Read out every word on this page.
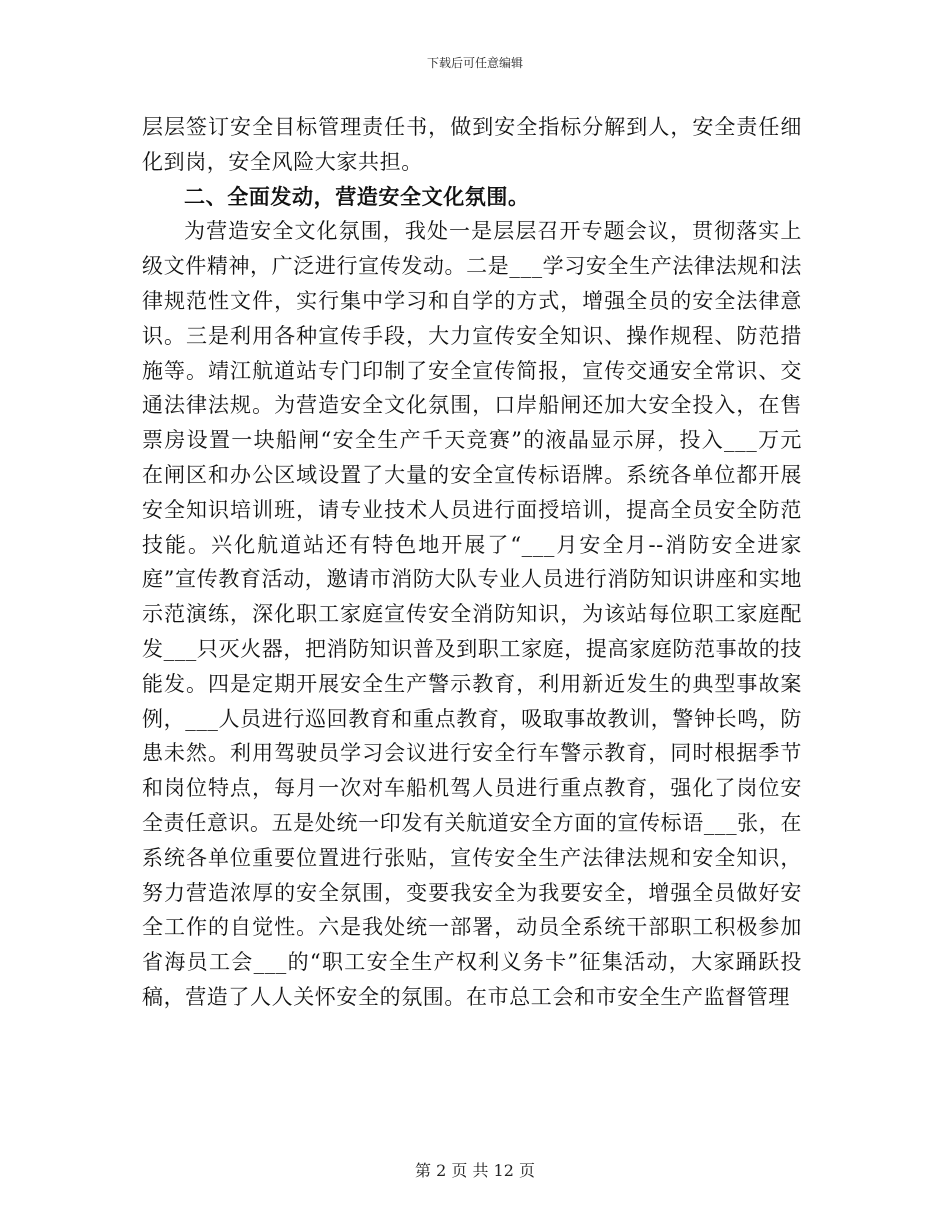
下载后可任意编辑

层层签订安全目标管理责任书，做到安全指标分解到人，安全责任细化到岗，安全风险大家共担。

二、全面发动，营造安全文化氛围。

为营造安全文化氛围，我处一是层层召开专题会议，贯彻落实上级文件精神，广泛进行宣传发动。二是___学习安全生产法律法规和法律规范性文件，实行集中学习和自学的方式，增强全员的安全法律意识。三是利用各种宣传手段，大力宣传安全知识、操作规程、防范措施等。靖江航道站专门印制了安全宣传简报，宣传交通安全常识、交通法律法规。为营造安全文化氛围，口岸船闸还加大安全投入，在售票房设置一块船闸“安全生产千天竞赛”的液晶显示屏，投入___万元在闸区和办公区域设置了大量的安全宣传标语牌。系统各单位都开展安全知识培训班，请专业技术人员进行面授培训，提高全员安全防范技能。兴化航道站还有特色地开展了“___月安全月--消防安全进家庭”宣传教育活动，邀请市消防大队专业人员进行消防知识讲座和实地示范演练，深化职工家庭宣传安全消防知识，为该站每位职工家庭配发___只灭火器，把消防知识普及到职工家庭，提高家庭防范事故的技能发。四是定期开展安全生产警示教育，利用新近发生的典型事故案例，___人员进行巡回教育和重点教育，吸取事故教训，警钟长鸣，防患未然。利用驾驶员学习会议进行安全行车警示教育，同时根据季节和岗位特点，每月一次对车船机驾人员进行重点教育，强化了岗位安全责任意识。五是处统一印发有关航道安全方面的宣传标语___张，在系统各单位重要位置进行张贴，宣传安全生产法律法规和安全知识，努力营造浓厚的安全氛围，变要我安全为我要安全，增强全员做好安全工作的自觉性。六是我处统一部署，动员全系统干部职工积极参加省海员工会___的“职工安全生产权利义务卡”征集活动，大家踊跃投稿，营造了人人关怀安全的氛围。在市总工会和市安全生产监督管理

第 2 页 共 12 页
